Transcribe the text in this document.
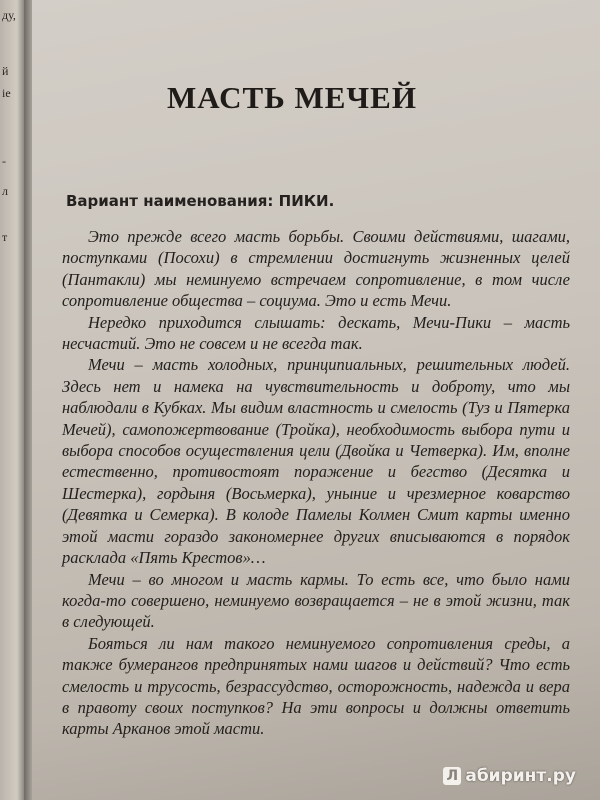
ду,
й
ie
-
л
т
МАСТЬ МЕЧЕЙ
Вариант наименования: ПИКИ.

Это прежде всего масть борьбы. Своими действиями, шагами, поступками (Посохи) в стремлении достигнуть жизненных целей (Пантакли) мы неминуемо встречаем сопротивление, в том числе сопротивление общества – социума. Это и есть Мечи.

Нередко приходится слышать: дескать, Мечи-Пики – масть несчастий. Это не совсем и не всегда так.

Мечи – масть холодных, принципиальных, решительных людей. Здесь нет и намека на чувствительность и доброту, что мы наблюдали в Кубках. Мы видим властность и смелость (Туз и Пятерка Мечей), самопожертвование (Тройка), необходимость выбора пути и выбора способов осуществления цели (Двойка и Четверка). Им, вполне естественно, противостоят поражение и бегство (Десятка и Шестерка), гордыня (Восьмерка), уныние и чрезмерное коварство (Девятка и Семерка). В колоде Памелы Колмен Смит карты именно этой масти гораздо закономернее других вписываются в порядок расклада «Пять Крестов»…

Мечи – во многом и масть кармы. То есть все, что было нами когда-то совершено, неминуемо возвращается – не в этой жизни, так в следующей.

Бояться ли нам такого неминуемого сопротивления среды, а также бумерангов предпринятых нами шагов и действий? Что есть смелость и трусость, безрассудство, осторожность, надежда и вера в правоту своих поступков? На эти вопросы и должны ответить карты Арканов этой масти.

Л абиринт.ру
